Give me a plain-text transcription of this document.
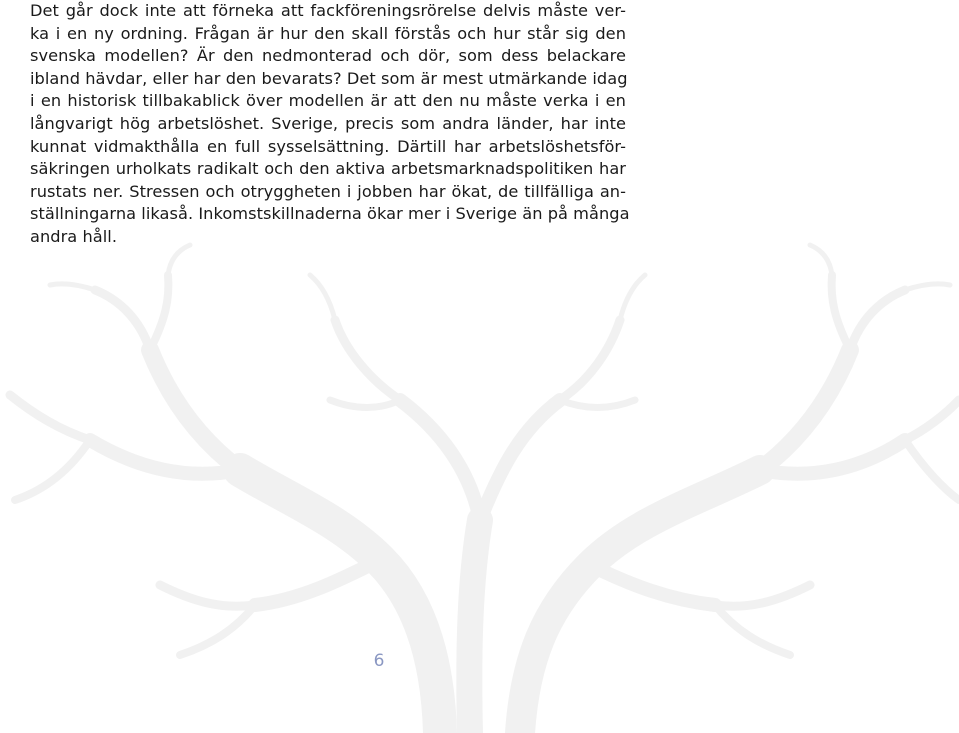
Det går dock inte att förneka att fackföreningsrörelse delvis måste ver-
ka i en ny ordning. Frågan är hur den skall förstås och hur står sig den
svenska modellen? Är den nedmonterad och dör, som dess belackare
ibland hävdar, eller har den bevarats? Det som är mest utmärkande idag
i en historisk tillbakablick över modellen är att den nu måste verka i en
långvarigt hög arbetslöshet. Sverige, precis som andra länder, har inte
kunnat vidmakthålla en full sysselsättning. Därtill har arbetslöshetsför-
säkringen urholkats radikalt och den aktiva arbetsmarknadspolitiken har
rustats ner. Stressen och otryggheten i jobben har ökat, de tillfälliga an-
ställningarna likaså. Inkomstskillnaderna ökar mer i Sverige än på många
andra håll.
6
